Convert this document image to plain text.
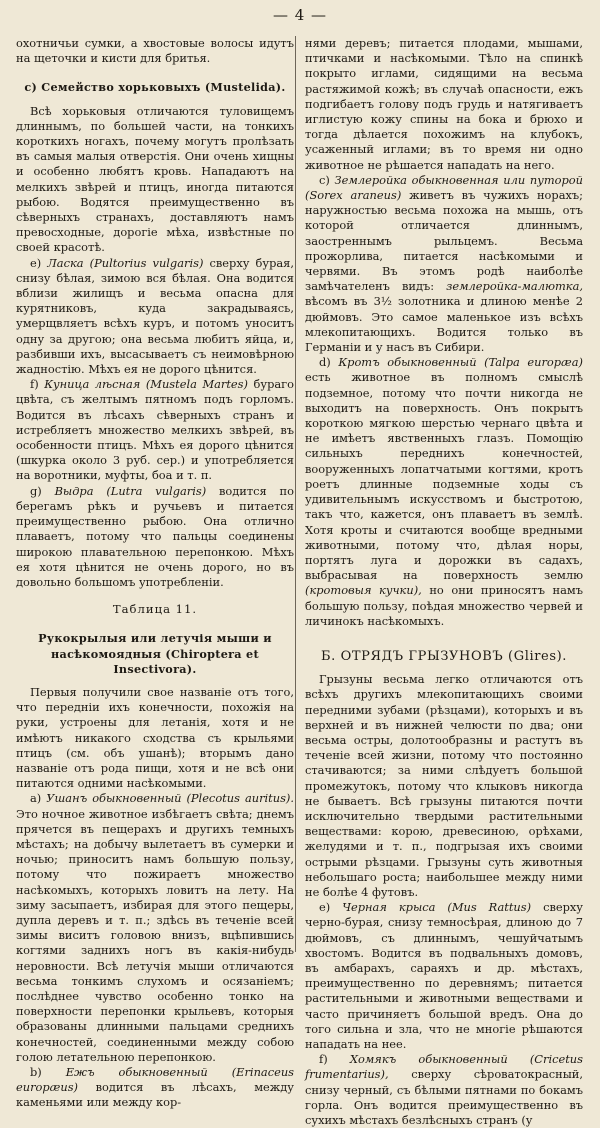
— 4 —

охотничьи сумки, а хвостовые волосы идутъ на щеточки и кисти для бритья.

c) Семейство хорьковыхъ (Mustelida).

Всѣ хорьковыя отличаются туловищемъ длиннымъ, по большей части, на тонкихъ короткихъ ногахъ, почему могутъ пролѣзать въ самыя малыя отверстія. Они очень хищны и особенно любятъ кровь. Нападаютъ на мелкихъ звѣрей и птицъ, иногда питаются рыбою. Водятся преимущественно въ сѣверныхъ странахъ, доставляютъ намъ превосходные, дорогіе мѣха, извѣстные по своей красотѣ.

e) Ласка (Pultorius vulgaris) сверху бурая, снизу бѣлая, зимою вся бѣлая. Она водится вблизи жилищъ и весьма опасна для курятниковъ, куда закрадываясь, умерщвляетъ всѣхъ куръ, и потомъ уноситъ одну за другою; она весьма любитъ яйца, и, разбивши ихъ, высасываетъ съ неимовѣрною жадностію. Мѣхъ ея не дорого цѣнится.

f) Куница лѣсная (Mustela Martes) бураго цвѣта, съ желтымъ пятномъ подъ горломъ. Водится въ лѣсахъ сѣверныхъ странъ и истребляетъ множество мелкихъ звѣрей, въ особенности птицъ. Мѣхъ ея дорого цѣнится (шкурка около 3 руб. сер.) и употребляется на воротники, муфты, боа и т. п.

g) Выдра (Lutra vulgaris) водится по берегамъ рѣкъ и ручьевъ и питается преимущественно рыбою. Она отлично плаваетъ, потому что пальцы соединены широкою плавательною перепонкою. Мѣхъ ея хотя цѣнится не очень дорого, но въ довольно большомъ употребленіи.

Таблица 11.
Рукокрылыя или летучія мыши и насѣкомоядныя (Chiroptera et Insectivora).

Первыя получили свое названіе отъ того, что передніи ихъ конечности, похожія на руки, устроены для летанія, хотя и не имѣютъ никакого сходства съ крыльями птицъ (см. объ ушанѣ); вторымъ дано названіе отъ рода пищи, хотя и не всѣ они питаются одними насѣкомыми.

a) Ушанъ обыкновенный (Plecotus auritus). Это ночное животное избѣгаетъ свѣта; днемъ прячется въ пещерахъ и другихъ темныхъ мѣстахъ; на добычу вылетаетъ въ сумерки и ночью; приноситъ намъ большую пользу, потому что пожираетъ множество насѣкомыхъ, которыхъ ловитъ на лету. На зиму засыпаетъ, избирая для этого пещеры, дупла деревъ и т. п.; здѣсь въ теченіе всей зимы виситъ головою внизъ, вцѣпившись когтями заднихъ ногъ въ какія-нибудь неровности. Всѣ летучія мыши отличаются весьма тонкимъ слухомъ и осязаніемъ; послѣднее чувство особенно тонко на поверхности перепонки крыльевъ, которыя образованы длинными пальцами среднихъ конечностей, соединенными между собою голою летательною перепонкою.

b) Ежъ обыкновенный (Erinaceus europæus) водится въ лѣсахъ, между каменьями или между кор-

нями деревъ; питается плодами, мышами, птичками и насѣкомыми. Тѣло на спинкѣ покрыто иглами, сидящими на весьма растяжимой кожѣ; въ случаѣ опасности, ежъ подгибаетъ голову подъ грудь и натягиваетъ иглистую кожу спины на бока и брюхо и тогда дѣлается похожимъ на клубокъ, усаженный иглами; въ то время ни одно животное не рѣшается нападать на него.

c) Землеройка обыкновенная или путорой (Sorex araneus) живетъ въ чужихъ норахъ; наружностью весьма похожа на мышь, отъ которой отличается длиннымъ, заостреннымъ рыльцемъ. Весьма прожорлива, питается насѣкомыми и червями. Въ этомъ родѣ наиболѣе замѣчателенъ видъ: землеройка-малютка, вѣсомъ въ 3½ золотника и длиною менѣе 2 дюймовъ. Это самое маленькое изъ всѣхъ млекопитающихъ. Водится только въ Германіи и у насъ въ Сибири.

d) Кротъ обыкновенный (Talpa europæa) есть животное въ полномъ смыслѣ подземное, потому что почти никогда не выходитъ на поверхность. Онъ покрытъ короткою мягкою шерстью чернаго цвѣта и не имѣетъ явственныхъ глазъ. Помощію сильныхъ переднихъ конечностей, вооруженныхъ лопатчатыми когтями, кротъ роетъ длинные подземные ходы съ удивительнымъ искусствомъ и быстротою, такъ что, кажется, онъ плаваетъ въ землѣ. Хотя кроты и считаются вообще вредными животными, потому что, дѣлая норы, портятъ луга и дорожки въ садахъ, выбрасывая на поверхность землю (кротовыя кучки), но они приносятъ намъ большую пользу, поѣдая множество червей и личинокъ насѣкомыхъ.

Б. ОТРЯДЪ ГРЫЗУНОВЪ (Glires).

Грызуны весьма легко отличаются отъ всѣхъ другихъ млекопитающихъ своими передними зубами (рѣзцами), которыхъ и въ верхней и въ нижней челюсти по два; они весьма остры, долотообразны и растутъ въ теченіе всей жизни, потому что постоянно стачиваются; за ними слѣдуетъ большой промежутокъ, потому что клыковъ никогда не бываетъ. Всѣ грызуны питаются почти исключительно твердыми растительными веществами: корою, древесиною, орѣхами, желудями и т. п., подгрызая ихъ своими острыми рѣзцами. Грызуны суть животныя небольшаго роста; наибольшее между ними не болѣе 4 футовъ.

e) Черная крыса (Mus Rattus) сверху черно-бурая, снизу темносѣрая, длиною до 7 дюймовъ, съ длиннымъ, чешуйчатымъ хвостомъ. Водится въ подвальныхъ домовъ, въ амбарахъ, сараяхъ и др. мѣстахъ, преимущественно по деревнямъ; питается растительными и животными веществами и часто причиняетъ большой вредъ. Она до того сильна и зла, что не многіе рѣшаются нападать на нее.

f) Хомякъ обыкновенный (Cricetus frumentarius), сверху сѣроватокрасный, снизу черный, съ бѣлыми пятнами по бокамъ горла. Онъ водится преимущественно въ сухихъ мѣстахъ безлѣсныхъ странъ (у
